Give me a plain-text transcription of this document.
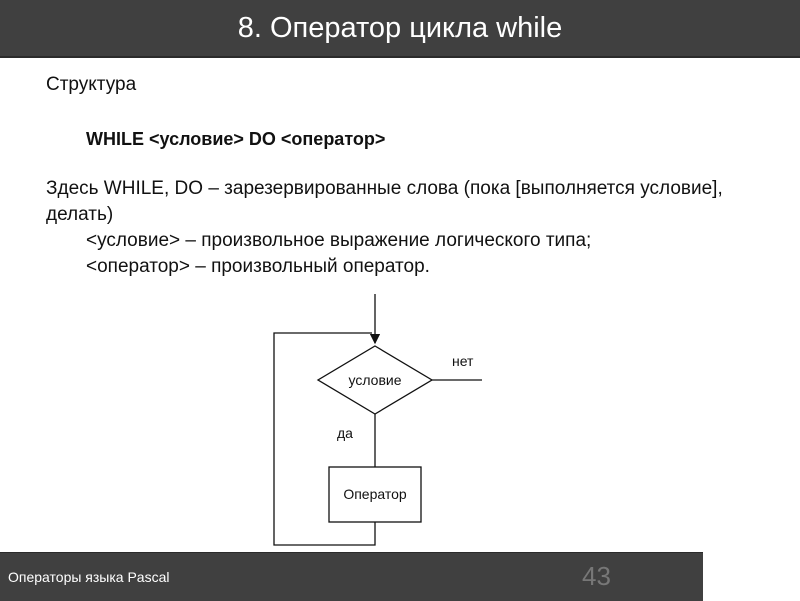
8. Оператор цикла while

Структура

WHILE <условие> DO <оператор>

Здесь WHILE, DO – зарезервированные слова (пока [выполняется условие], делать)

<условие> – произвольное выражение логического типа;

<оператор> – произвольный оператор.

условие
нет
да
Оператор
Операторы языка Pascal	43
